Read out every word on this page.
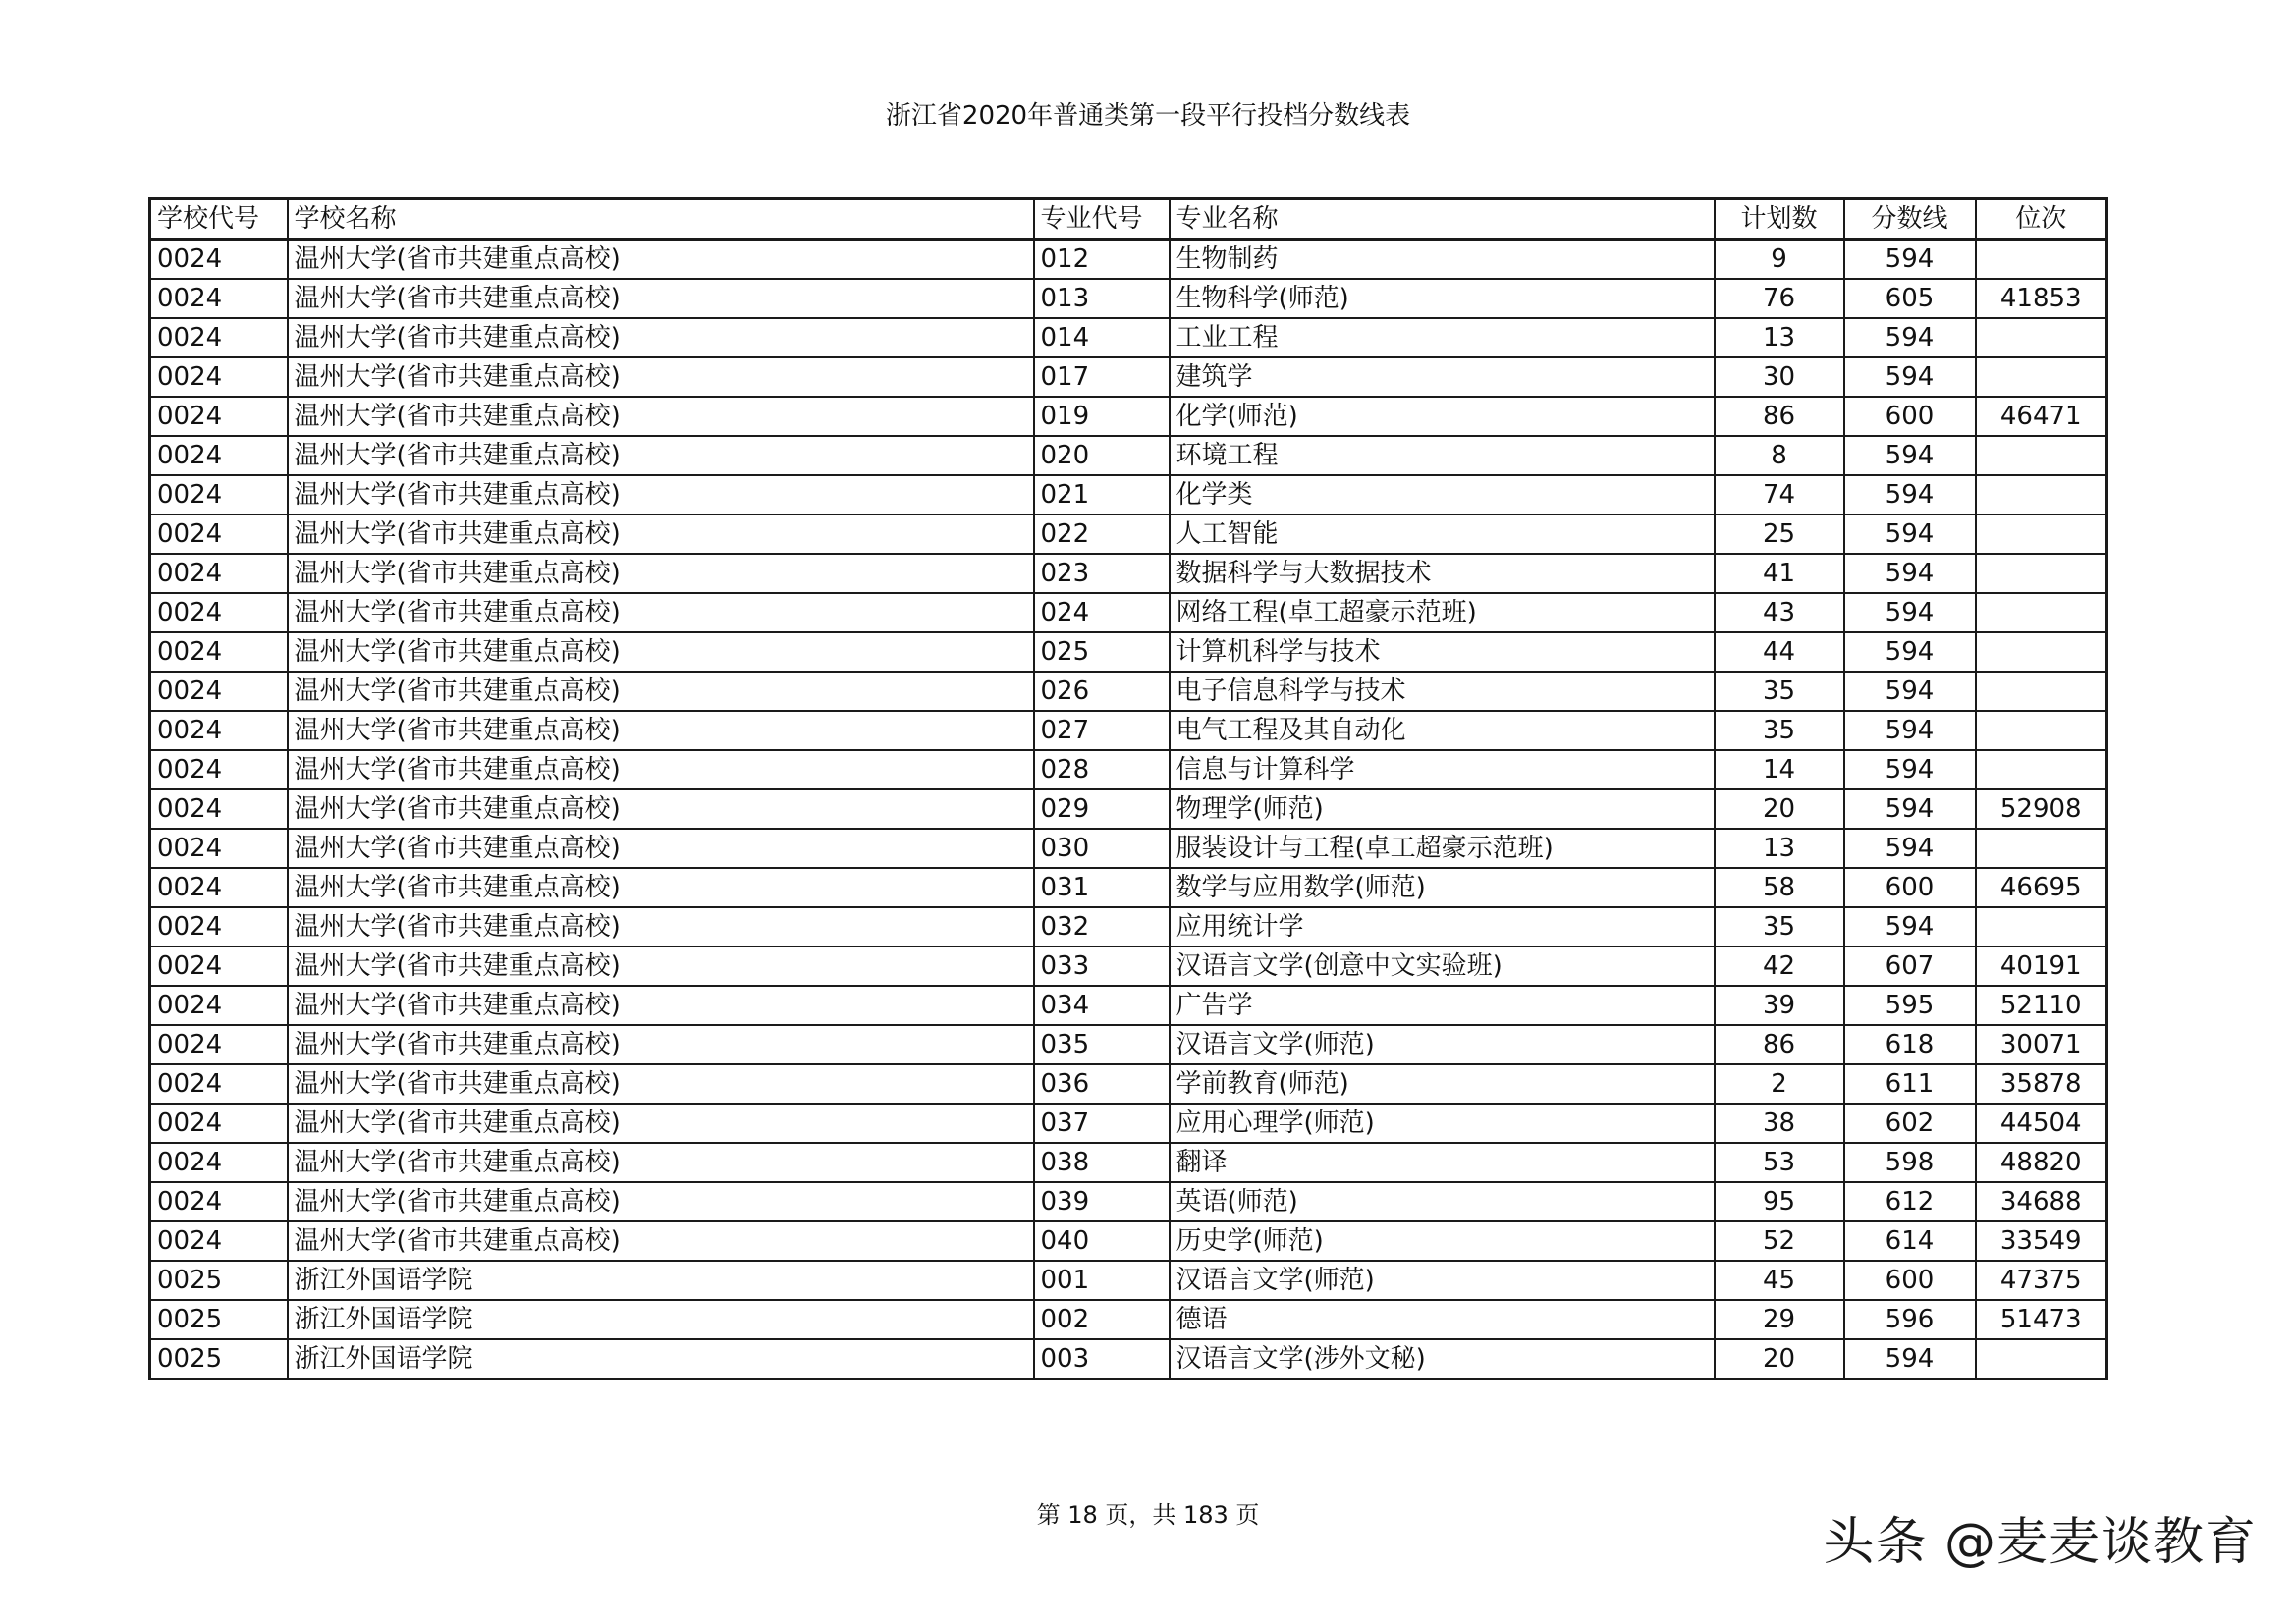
浙江省2020年普通类第一段平行投档分数线表
学校代号	学校名称	专业代号	专业名称	计划数	分数线	位次
0024	温州大学(省市共建重点高校)	012	生物制药	9	594	
0024	温州大学(省市共建重点高校)	013	生物科学(师范)	76	605	41853
0024	温州大学(省市共建重点高校)	014	工业工程	13	594	
0024	温州大学(省市共建重点高校)	017	建筑学	30	594	
0024	温州大学(省市共建重点高校)	019	化学(师范)	86	600	46471
0024	温州大学(省市共建重点高校)	020	环境工程	8	594	
0024	温州大学(省市共建重点高校)	021	化学类	74	594	
0024	温州大学(省市共建重点高校)	022	人工智能	25	594	
0024	温州大学(省市共建重点高校)	023	数据科学与大数据技术	41	594	
0024	温州大学(省市共建重点高校)	024	网络工程(卓工超豪示范班)	43	594	
0024	温州大学(省市共建重点高校)	025	计算机科学与技术	44	594	
0024	温州大学(省市共建重点高校)	026	电子信息科学与技术	35	594	
0024	温州大学(省市共建重点高校)	027	电气工程及其自动化	35	594	
0024	温州大学(省市共建重点高校)	028	信息与计算科学	14	594	
0024	温州大学(省市共建重点高校)	029	物理学(师范)	20	594	52908
0024	温州大学(省市共建重点高校)	030	服装设计与工程(卓工超豪示范班)	13	594	
0024	温州大学(省市共建重点高校)	031	数学与应用数学(师范)	58	600	46695
0024	温州大学(省市共建重点高校)	032	应用统计学	35	594	
0024	温州大学(省市共建重点高校)	033	汉语言文学(创意中文实验班)	42	607	40191
0024	温州大学(省市共建重点高校)	034	广告学	39	595	52110
0024	温州大学(省市共建重点高校)	035	汉语言文学(师范)	86	618	30071
0024	温州大学(省市共建重点高校)	036	学前教育(师范)	2	611	35878
0024	温州大学(省市共建重点高校)	037	应用心理学(师范)	38	602	44504
0024	温州大学(省市共建重点高校)	038	翻译	53	598	48820
0024	温州大学(省市共建重点高校)	039	英语(师范)	95	612	34688
0024	温州大学(省市共建重点高校)	040	历史学(师范)	52	614	33549
0025	浙江外国语学院	001	汉语言文学(师范)	45	600	47375
0025	浙江外国语学院	002	德语	29	596	51473
0025	浙江外国语学院	003	汉语言文学(涉外文秘)	20	594	
第 18 页，共 183 页	头条 @麦麦谈教育
